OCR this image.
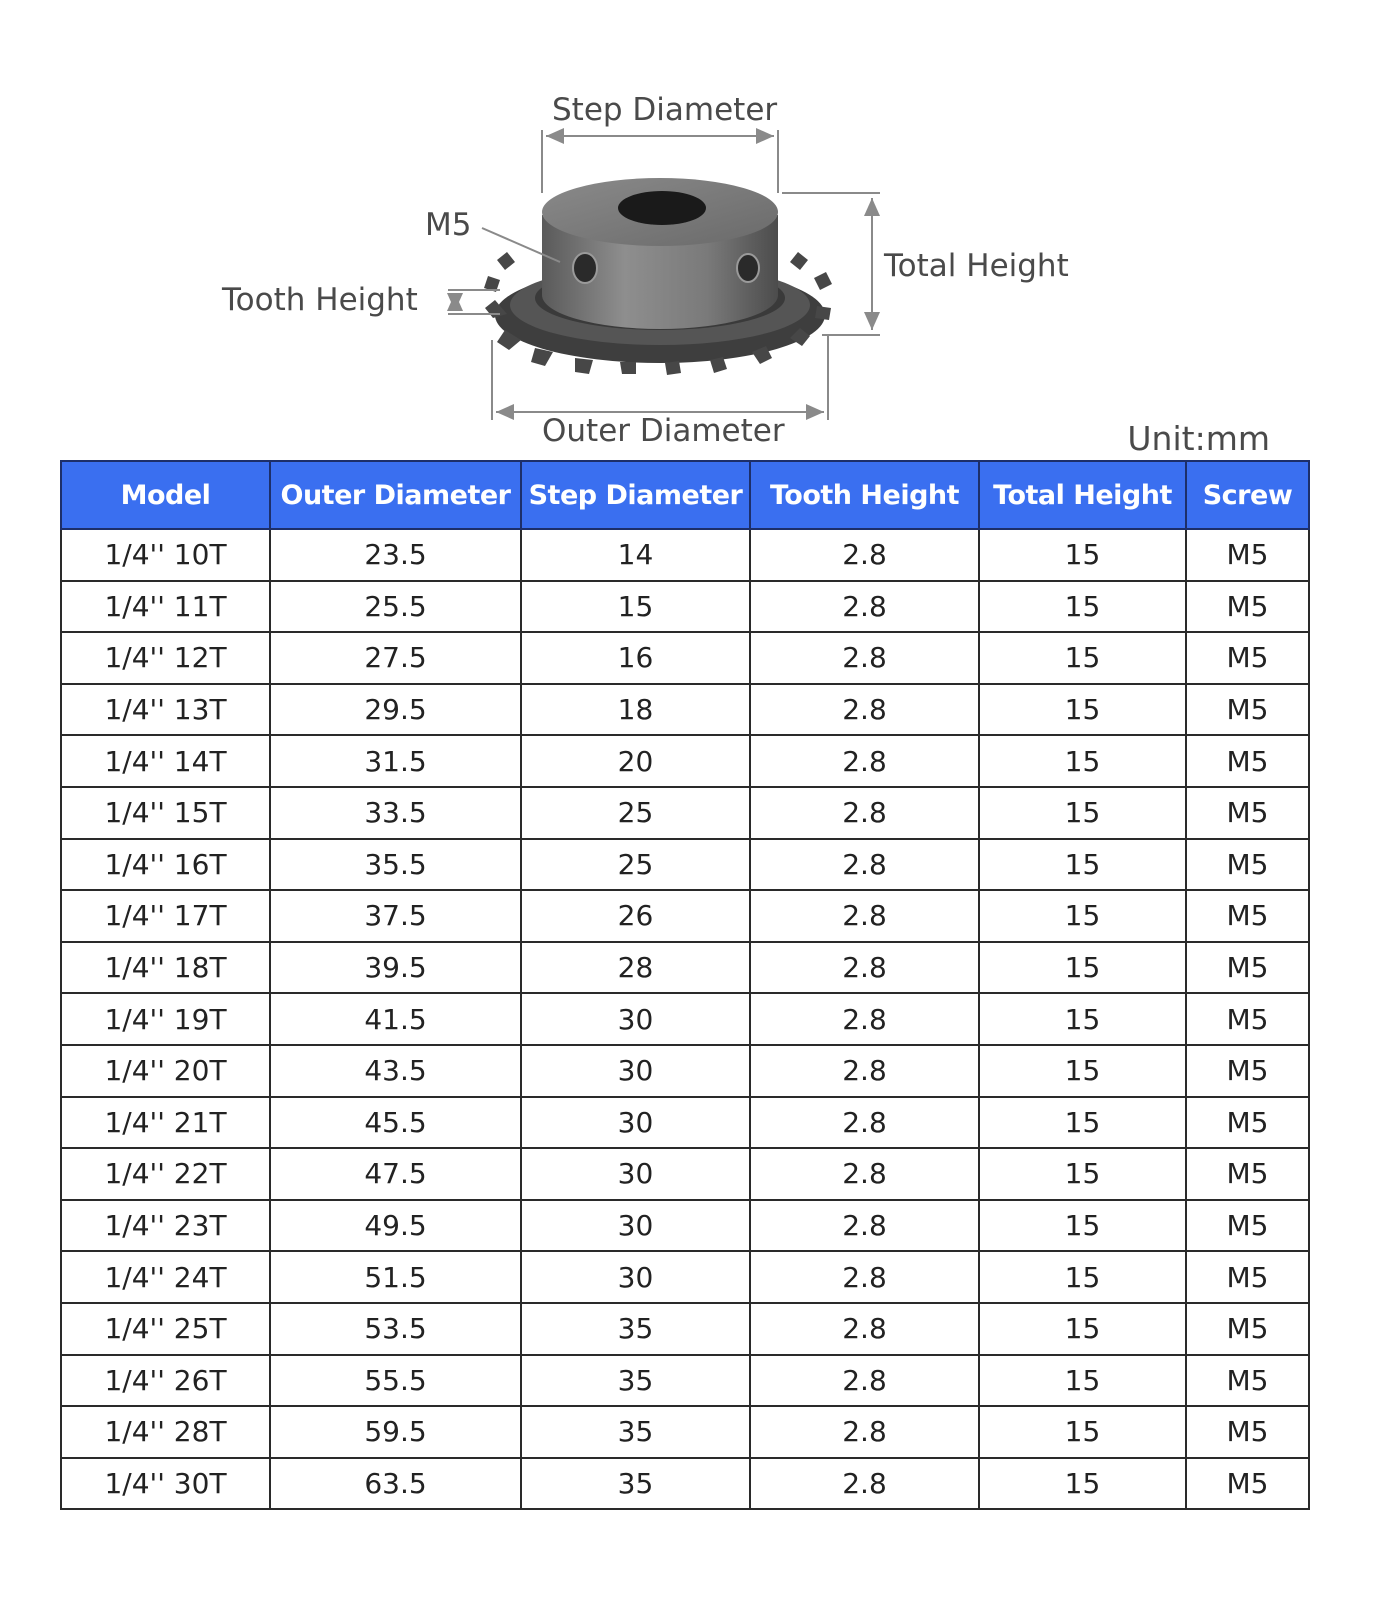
Step Diameter
Total Height
M5
Tooth Height
Outer Diameter	Unit:mm
Model	Outer Diameter	Step Diameter	Tooth Height	Total Height	Screw
1/4'' 10T	23.5	14	2.8	15	M5
1/4'' 11T	25.5	15	2.8	15	M5
1/4'' 12T	27.5	16	2.8	15	M5
1/4'' 13T	29.5	18	2.8	15	M5
1/4'' 14T	31.5	20	2.8	15	M5
1/4'' 15T	33.5	25	2.8	15	M5
1/4'' 16T	35.5	25	2.8	15	M5
1/4'' 17T	37.5	26	2.8	15	M5
1/4'' 18T	39.5	28	2.8	15	M5
1/4'' 19T	41.5	30	2.8	15	M5
1/4'' 20T	43.5	30	2.8	15	M5
1/4'' 21T	45.5	30	2.8	15	M5
1/4'' 22T	47.5	30	2.8	15	M5
1/4'' 23T	49.5	30	2.8	15	M5
1/4'' 24T	51.5	30	2.8	15	M5
1/4'' 25T	53.5	35	2.8	15	M5
1/4'' 26T	55.5	35	2.8	15	M5
1/4'' 28T	59.5	35	2.8	15	M5
1/4'' 30T	63.5	35	2.8	15	M5
